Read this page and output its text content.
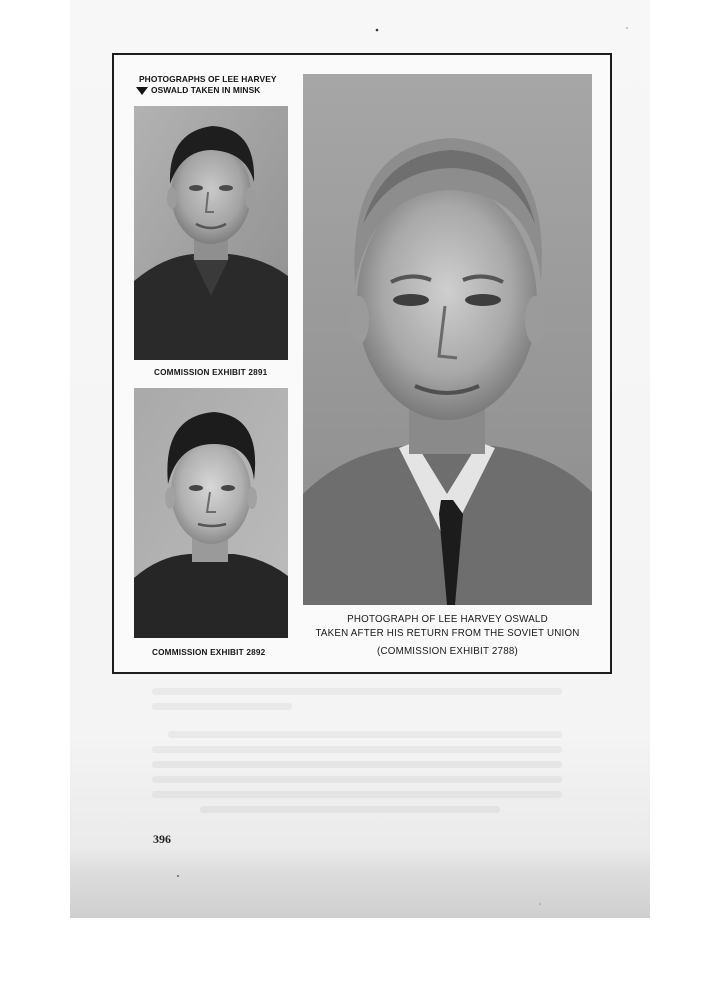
PHOTOGRAPHS OF LEE HARVEY
OSWALD TAKEN IN MINSK
COMMISSION EXHIBIT 2891
COMMISSION EXHIBIT 2892
PHOTOGRAPH OF LEE HARVEY OSWALD
TAKEN AFTER HIS RETURN FROM THE SOVIET UNION
(COMMISSION EXHIBIT 2788)
396
